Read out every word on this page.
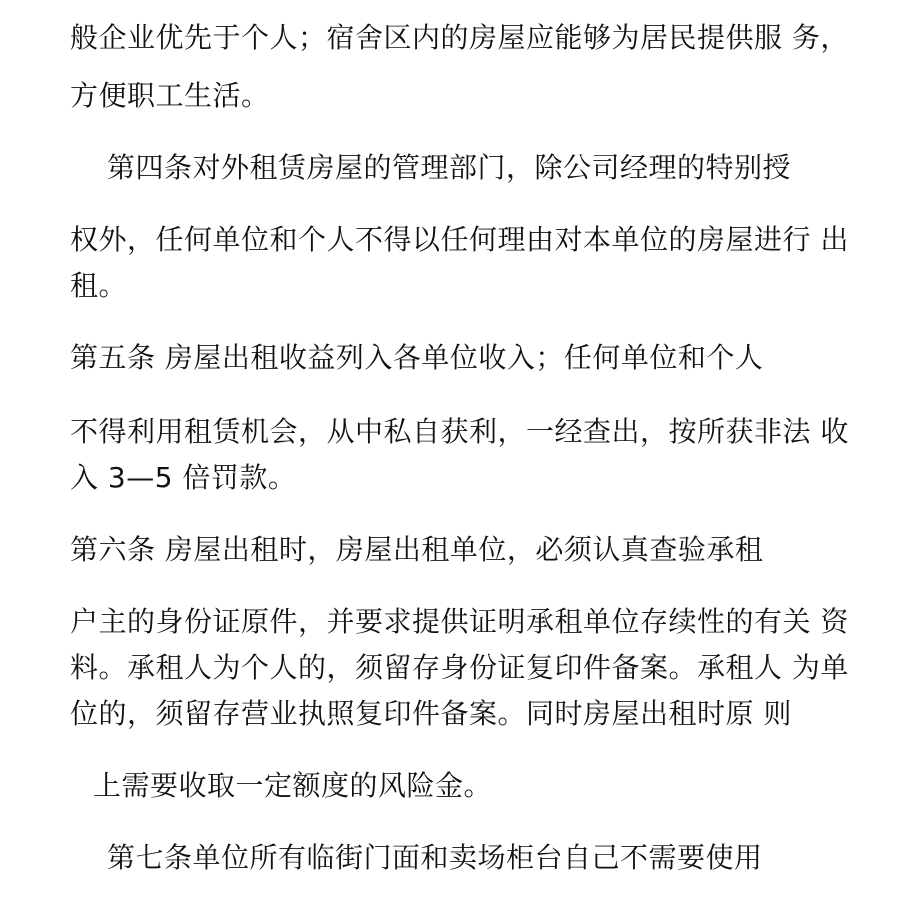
般企业优先于个人；宿舍区内的房屋应能够为居民提供服 务，
方便职工生活。
第四条对外租赁房屋的管理部门，除公司经理的特别授
权外，任何单位和个人不得以任何理由对本单位的房屋进行 出
租。
第五条 房屋出租收益列入各单位收入；任何单位和个人
不得利用租赁机会，从中私自获利，一经查出，按所获非法 收
入 3—5 倍罚款。
第六条 房屋出租时，房屋出租单位，必须认真查验承租
户主的身份证原件，并要求提供证明承租单位存续性的有关 资
料。承租人为个人的，须留存身份证复印件备案。承租人 为单
位的，须留存营业执照复印件备案。同时房屋出租时原 则
上需要收取一定额度的风险金。
第七条单位所有临街门面和卖场柜台自己不需要使用
